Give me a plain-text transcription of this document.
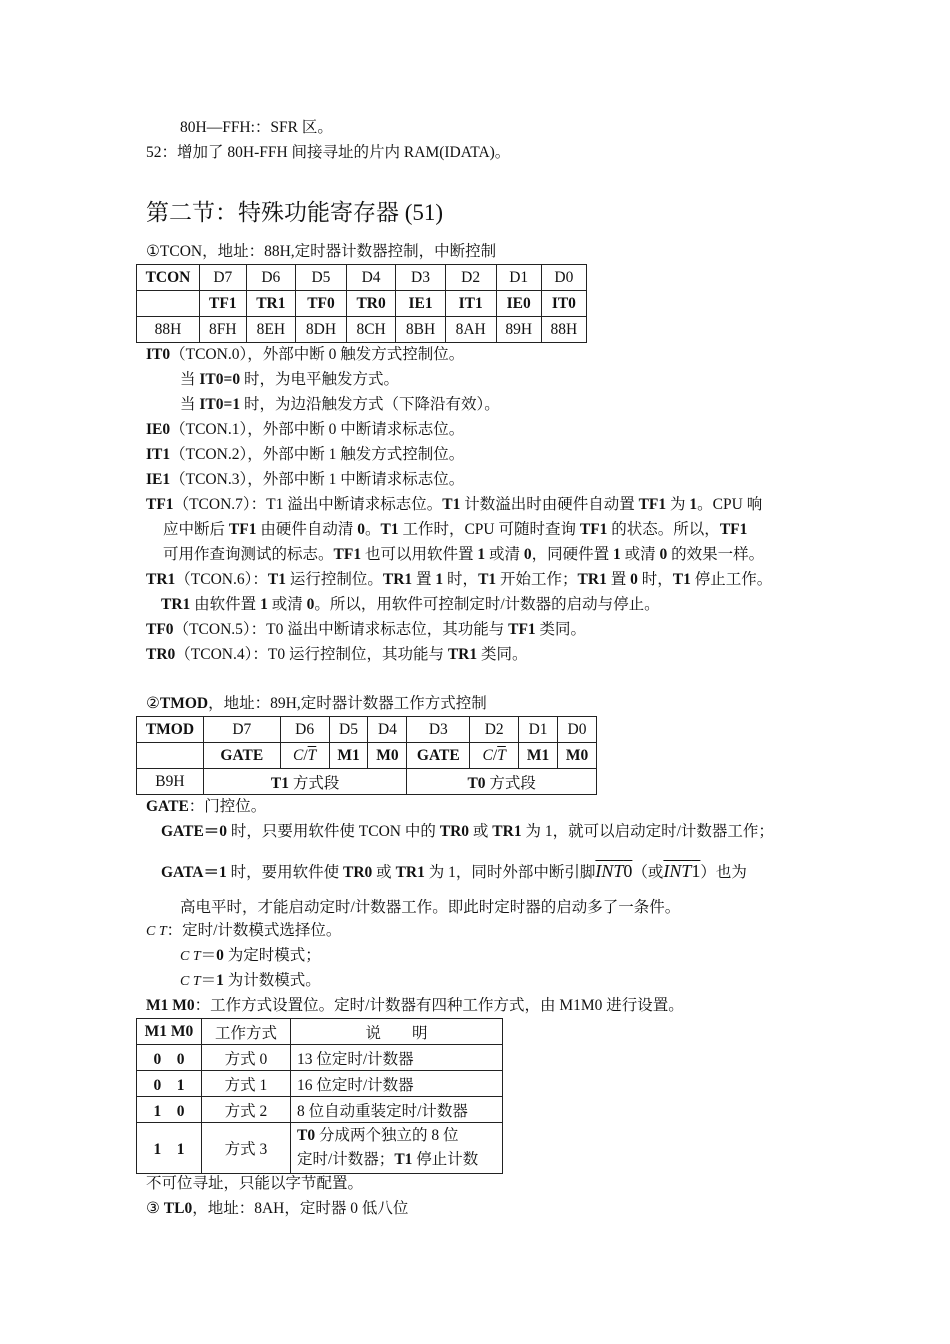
80H—FFH:：SFR 区。
52：增加了 80H-FFH 间接寻址的片内 RAM(IDATA)。
第二节：特殊功能寄存器 (51)
①TCON，地址：88H,定时器计数器控制，中断控制
TCON	D7	D6	D5	D4	D3	D2	D1	D0
	TF1	TR1	TF0	TR0	IE1	IT1	IE0	IT0
88H	8FH	8EH	8DH	8CH	8BH	8AH	89H	88H
IT0（TCON.0），外部中断 0 触发方式控制位。
当 IT0=0 时，为电平触发方式。
当 IT0=1 时，为边沿触发方式（下降沿有效）。
IE0（TCON.1），外部中断 0 中断请求标志位。
IT1（TCON.2），外部中断 1 触发方式控制位。
IE1（TCON.3），外部中断 1 中断请求标志位。
TF1（TCON.7）：T1 溢出中断请求标志位。T1 计数溢出时由硬件自动置 TF1 为 1。CPU 响
应中断后 TF1 由硬件自动清 0。T1 工作时，CPU 可随时查询 TF1 的状态。所以，TF1
可用作查询测试的标志。TF1 也可以用软件置 1 或清 0，同硬件置 1 或清 0 的效果一样。
TR1（TCON.6）：T1 运行控制位。TR1 置 1 时，T1 开始工作；TR1 置 0 时，T1 停止工作。
TR1 由软件置 1 或清 0。所以，用软件可控制定时/计数器的启动与停止。
TF0（TCON.5）：T0 溢出中断请求标志位，其功能与 TF1 类同。
TR0（TCON.4）：T0 运行控制位，其功能与 TR1 类同。
②TMOD，地址：89H,定时器计数器工作方式控制
TMOD	D7	D6	D5	D4	D3	D2	D1	D0
	GATE	$C/\overline{T}$	M1	M0	GATE	$C/\overline{T}$	M1	M0
B9H	T1 方式段				T0 方式段			
GATE：门控位。
GATE＝0 时，只要用软件使 TCON 中的 TR0 或 TR1 为 1，就可以启动定时/计数器工作；
GATA＝1 时，要用软件使 TR0 或 TR1 为 1，同时外部中断引脚INT0（或INT1）也为
高电平时，才能启动定时/计数器工作。即此时定时器的启动多了一条件。
C T：定时/计数模式选择位。
C T＝0 为定时模式；
C T＝1 为计数模式。
M1 M0：工作方式设置位。定时/计数器有四种工作方式，由 M1M0 进行设置。
M1 M0	工作方式	说　　明
0　0	方式 0	13 位定时/计数器
0　1	方式 1	16 位定时/计数器
1　0	方式 2	8 位自动重装定时/计数器
1　1	方式 3	T0 分成两个独立的 8 位
定时/计数器；T1 停止计数
不可位寻址，只能以字节配置。
③ TL0，地址：8AH，定时器 0 低八位
